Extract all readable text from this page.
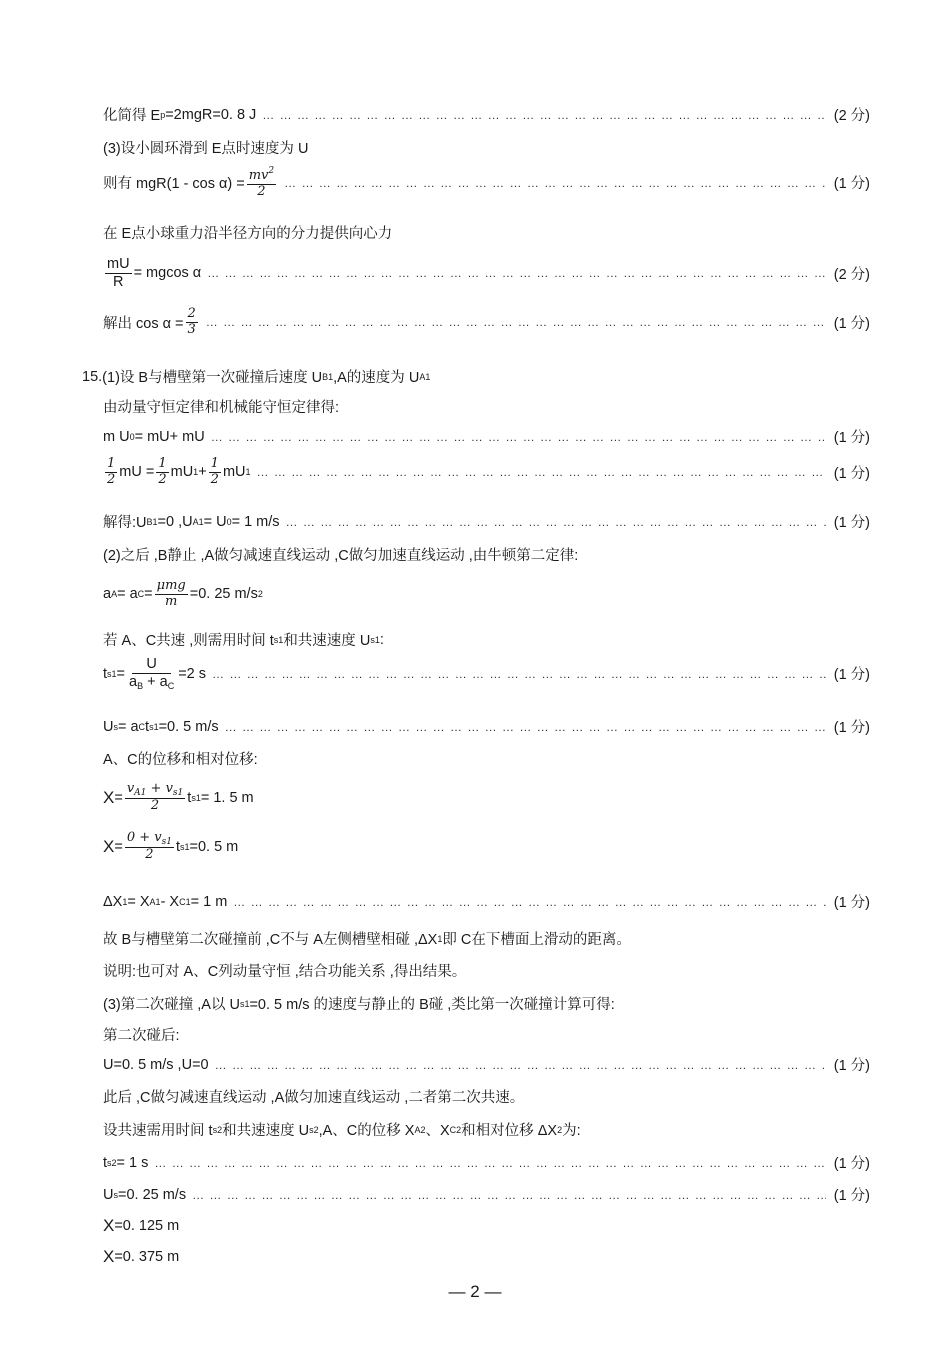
化简得 E p =2mgR=0. 8 J … … … … … … … … … … … … … … … … … … … … … … … … … … … … … … … … … … … … … … … … … … … … … … … … … … … … … … … … … … … … … … … … … … … … … … … … …	(2 分)
(3)设小圆环滑到 E点时速度为 U
则有 $mgR(1 - \cos \alpha) = \frac{mv^2}{2}$ … … … … … … … … … … … … … … … … … … … … … … … … … … … … … … … … … … … … … … … … … … … … … … … … … … … … … … … … … … … … … … … … … … … … … … … … …	(1 分)
在 E点小球重力沿半径方向的分力提供向心力
$\frac{mU}{R} = mgcos$ α … … … … … … … … … … … … … … … … … … … … … … … … … … … … … … … … … … … … … … … … … … … … … … … … … … … … … … … … … … … … … … … … … … … … … … … … …	(2 分)
解出 $\cos \alpha = \frac{2}{3}$ … … … … … … … … … … … … … … … … … … … … … … … … … … … … … … … … … … … … … … … … … … … … … … … … … … … … … … … … … … … … … … … … … … … … … … … … …	(1 分)
15. (1)设 B与槽壁第一次碰撞后速度 U B1 ,A的速度为 U A1
由动量守恒定律和机械能守恒定律得:
m U 0 = mU + mU … … … … … … … … … … … … … … … … … … … … … … … … … … … … … … … … … … … … … … … … … … … … … … … … … … … … … … … … … … … … … … … … … … … … … … … … …	(1 分)
$\frac{1}{2}$ mU = $\frac{1}{2}$ mU $1 + \frac{1}{2}$ mU 1 … … … … … … … … … … … … … … … … … … … … … … … … … … … … … … … … … … … … … … … … … … … … … … … … … … … … … … … … … … … … … … … … … … … … … … … … …	(1 分)
解得:U B1 =0 ,U A1 = U 0 = 1 m/s … … … … … … … … … … … … … … … … … … … … … … … … … … … … … … … … … … … … … … … … … … … … … … … … … … … … … … … … … … … … … … … … … … … … … … … … …	(1 分)
(2)之后 ,B静止 ,A做匀减速直线运动 ,C做匀加速直线运动 ,由牛顿第二定律:
a A = a $C = \frac{\text{μmg}}{m} =0$. 25 m/s 2
若 A、C共速 ,则需用时间 t s1 和共速速度 U s1 :
t $s1 = \frac{U}{a_B + a_C} =2$ s … … … … … … … … … … … … … … … … … … … … … … … … … … … … … … … … … … … … … … … … … … … … … … … … … … … … … … … … … … … … … … … … … … … … … … … … …	(1 分)
U s = a C t s1 =0. 5 m/s … … … … … … … … … … … … … … … … … … … … … … … … … … … … … … … … … … … … … … … … … … … … … … … … … … … … … … … … … … … … … … … … … … … … … … … … …	(1 分)
A、C的位移和相对位移:
$X = \frac{v_{A1} + v_{s1}}{2}$ t s1 = 1. 5 m
$X = \frac{0 + v_{s1}}{2}$ t s1 =0. 5 m
ΔX 1 = X A1 - X C1 = 1 m … … … … … … … … … … … … … … … … … … … … … … … … … … … … … … … … … … … … … … … … … … … … … … … … … … … … … … … … … … … … … … … … … … … … … … … … …	(1 分)
故 B与槽壁第二次碰撞前 ,C不与 A左侧槽壁相碰 ,ΔX 1 即 C在下槽面上滑动的距离。
说明:也可对 A、C列动量守恒 ,结合功能关系 ,得出结果。
(3)第二次碰撞 ,A以 U s1 =0. 5 m/s 的速度与静止的 B碰 ,类比第一次碰撞计算可得:
第二次碰后:
U =0. 5 m/s ,U =0 … … … … … … … … … … … … … … … … … … … … … … … … … … … … … … … … … … … … … … … … … … … … … … … … … … … … … … … … … … … … … … … … … … … … … … … … …	(1 分)
此后 ,C做匀减速直线运动 ,A做匀加速直线运动 ,二者第二次共速。
设共速需用时间 t s2 和共速速度 U s2 ,A、C的位移 X A2 、X C2 和相对位移 ΔX 2 为:
t s2 = 1 s … … … … … … … … … … … … … … … … … … … … … … … … … … … … … … … … … … … … … … … … … … … … … … … … … … … … … … … … … … … … … … … … … … … … … … … … …	(1 分)
U s =0. 25 m/s … … … … … … … … … … … … … … … … … … … … … … … … … … … … … … … … … … … … … … … … … … … … … … … … … … … … … … … … … … … … … … … … … … … … … … … … …	(1 分)
X =0. 125 m
X =0. 375 m
— 2 —
